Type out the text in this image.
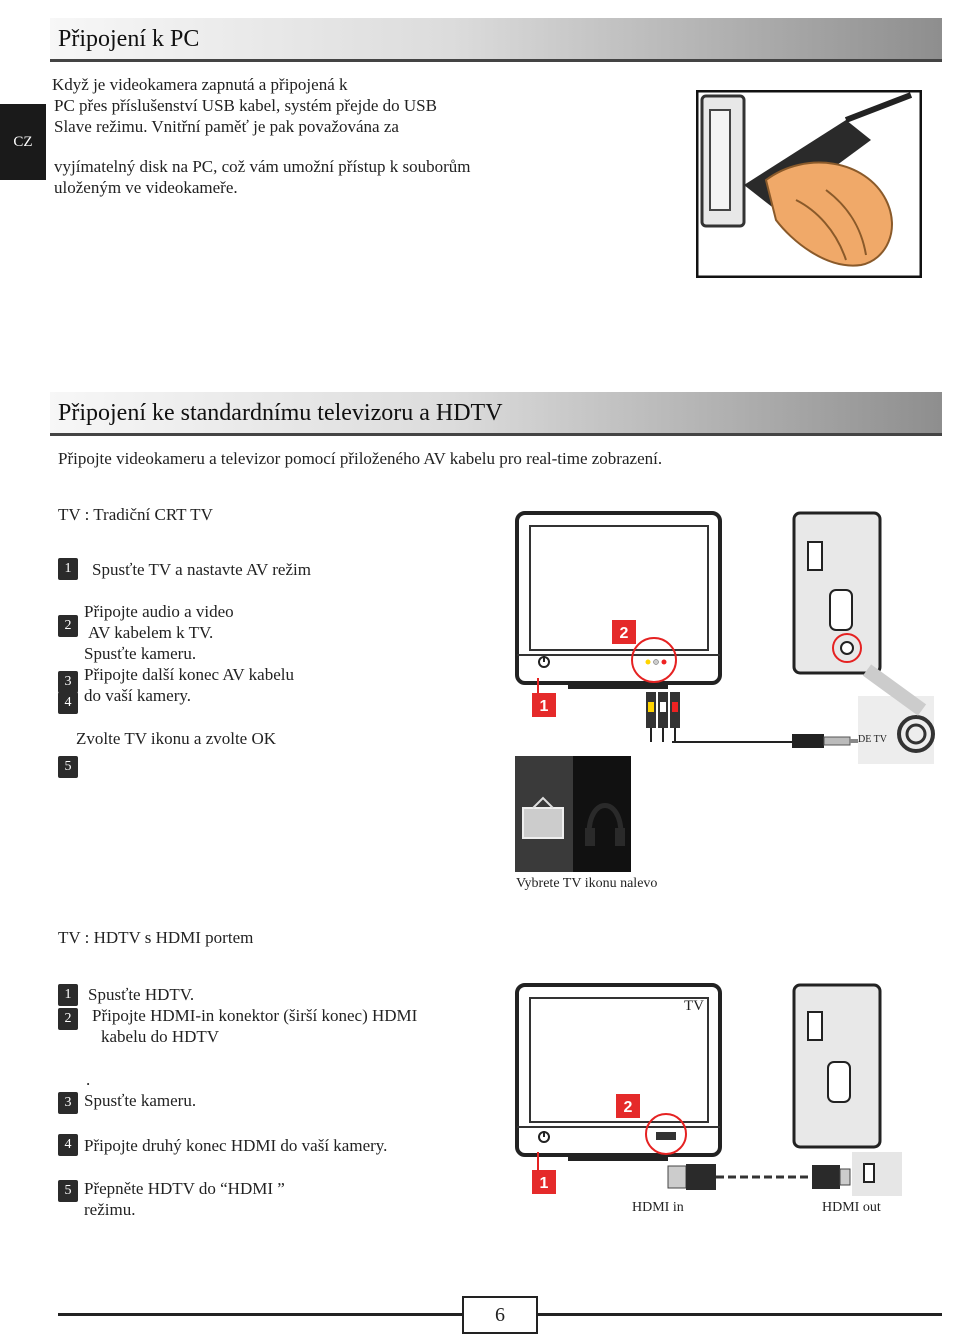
CZ
Připojení k PC
Když je videokamera zapnutá a připojená k
PC přes příslušenství USB kabel, systém přejde do USB
Slave režimu. Vnitřní paměť je pak považována za
vyjímatelný disk na PC, což vám umožní přístup k souborům
uloženým ve videokameře.
Připojení ke standardnímu televizoru a HDTV
Připojte videokameru a televizor pomocí přiloženého AV kabelu pro real-time zobrazení.
TV : Tradiční CRT TV
1	Spusťte TV a nastavte AV režim
Připojte audio a video
2 AV kabelem k TV.
Spusťte kameru.
Připojte další konec AV kabelu
3
4 do vaší kamery.
Zvolte TV ikonu a zvolte OK
5
2
1
DE TV
Vybrete TV ikonu nalevo
TV : HDTV s HDMI portem
1 Spusťte HDTV.
2	Připojte HDMI-in konektor (širší konec) HDMI
kabelu do HDTV
.
3 Spusťte kameru.
4 Připojte druhý konec HDMI do vaší kamery.
5 Přepněte HDTV do “HDMI ”
režimu.
2
1
TV
HDMI in	HDMI out
6
